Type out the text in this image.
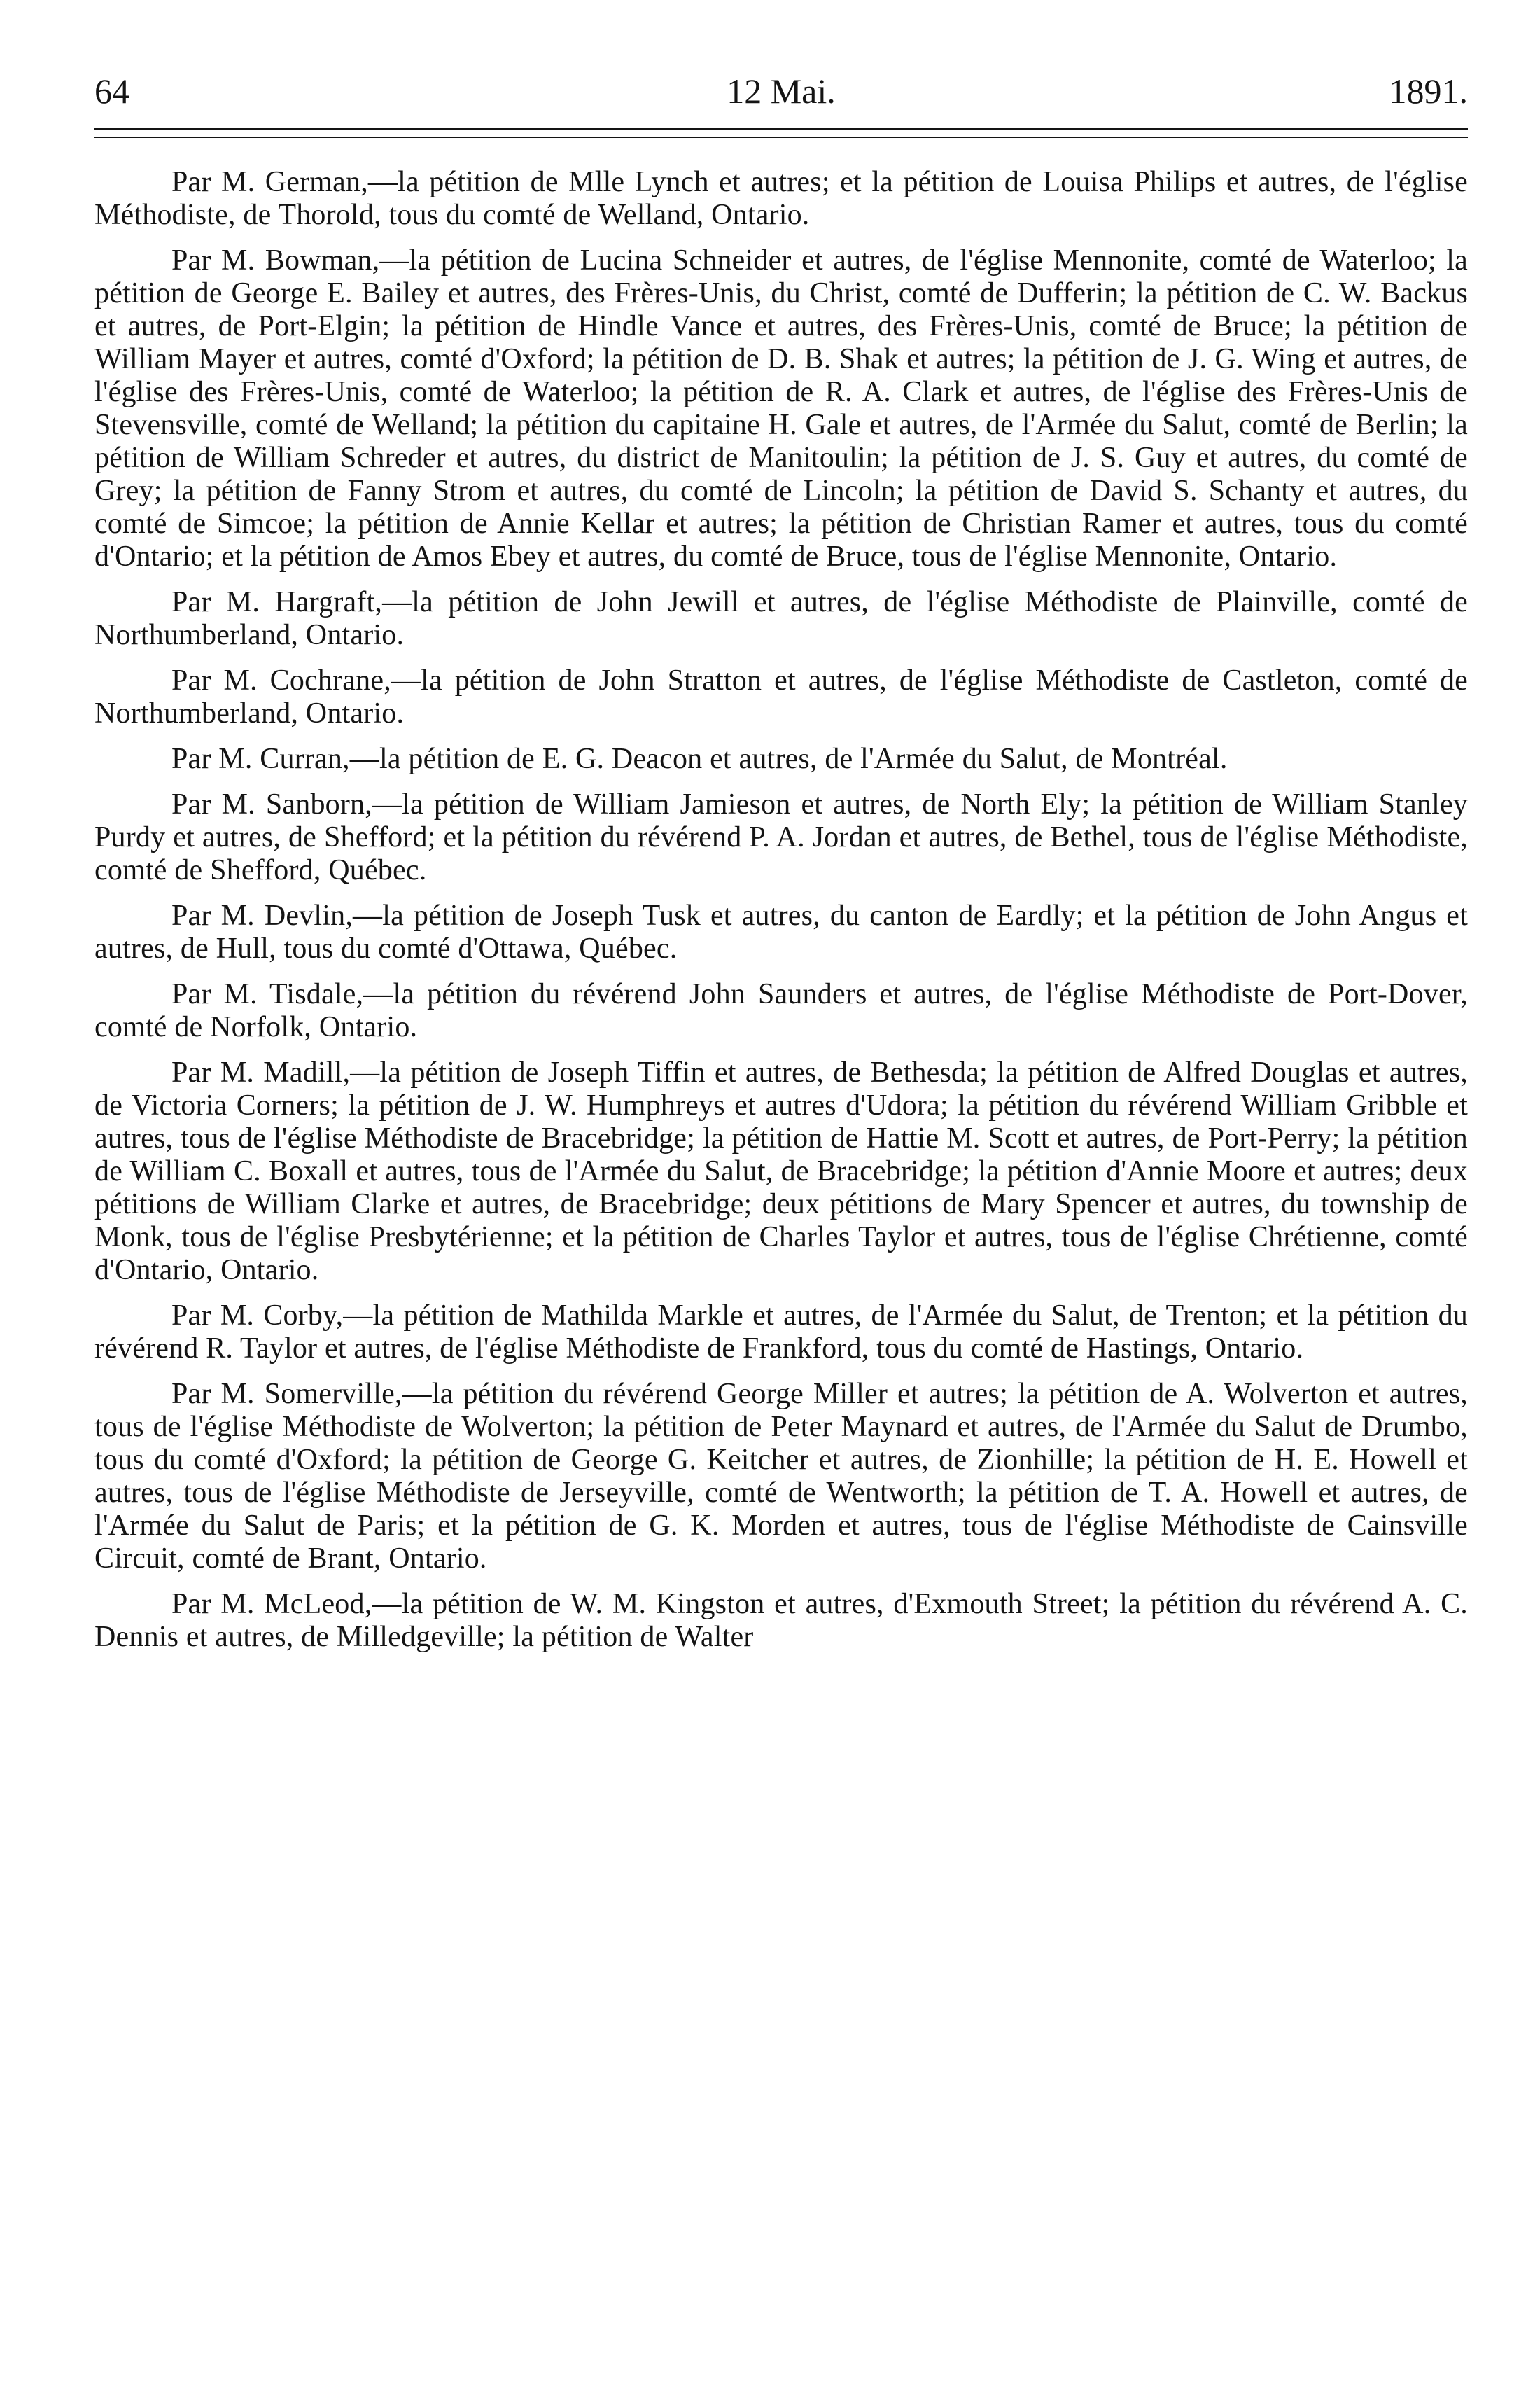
64	12 Mai.	1891.

Par M. German,—la pétition de Mlle Lynch et autres; et la pétition de Louisa Philips et autres, de l'église Méthodiste, de Thorold, tous du comté de Welland, Ontario.

Par M. Bowman,—la pétition de Lucina Schneider et autres, de l'église Mennonite, comté de Waterloo; la pétition de George E. Bailey et autres, des Frères-Unis, du Christ, comté de Dufferin; la pétition de C. W. Backus et autres, de Port-Elgin; la pétition de Hindle Vance et autres, des Frères-Unis, comté de Bruce; la pétition de William Mayer et autres, comté d'Oxford; la pétition de D. B. Shak et autres; la pétition de J. G. Wing et autres, de l'église des Frères-Unis, comté de Waterloo; la pétition de R. A. Clark et autres, de l'église des Frères-Unis de Stevensville, comté de Welland; la pétition du capitaine H. Gale et autres, de l'Armée du Salut, comté de Berlin; la pétition de William Schreder et autres, du district de Manitoulin; la pétition de J. S. Guy et autres, du comté de Grey; la pétition de Fanny Strom et autres, du comté de Lincoln; la pétition de David S. Schanty et autres, du comté de Simcoe; la pétition de Annie Kellar et autres; la pétition de Christian Ramer et autres, tous du comté d'Ontario; et la pétition de Amos Ebey et autres, du comté de Bruce, tous de l'église Mennonite, Ontario.

Par M. Hargraft,—la pétition de John Jewill et autres, de l'église Méthodiste de Plainville, comté de Northumberland, Ontario.

Par M. Cochrane,—la pétition de John Stratton et autres, de l'église Méthodiste de Castleton, comté de Northumberland, Ontario.

Par M. Curran,—la pétition de E. G. Deacon et autres, de l'Armée du Salut, de Montréal.

Par M. Sanborn,—la pétition de William Jamieson et autres, de North Ely; la pétition de William Stanley Purdy et autres, de Shefford; et la pétition du révérend P. A. Jordan et autres, de Bethel, tous de l'église Méthodiste, comté de Shefford, Québec.

Par M. Devlin,—la pétition de Joseph Tusk et autres, du canton de Eardly; et la pétition de John Angus et autres, de Hull, tous du comté d'Ottawa, Québec.

Par M. Tisdale,—la pétition du révérend John Saunders et autres, de l'église Méthodiste de Port-Dover, comté de Norfolk, Ontario.

Par M. Madill,—la pétition de Joseph Tiffin et autres, de Bethesda; la pétition de Alfred Douglas et autres, de Victoria Corners; la pétition de J. W. Humphreys et autres d'Udora; la pétition du révérend William Gribble et autres, tous de l'église Méthodiste de Bracebridge; la pétition de Hattie M. Scott et autres, de Port-Perry; la pétition de William C. Boxall et autres, tous de l'Armée du Salut, de Bracebridge; la pétition d'Annie Moore et autres; deux pétitions de William Clarke et autres, de Bracebridge; deux pétitions de Mary Spencer et autres, du township de Monk, tous de l'église Presbytérienne; et la pétition de Charles Taylor et autres, tous de l'église Chrétienne, comté d'Ontario, Ontario.

Par M. Corby,—la pétition de Mathilda Markle et autres, de l'Armée du Salut, de Trenton; et la pétition du révérend R. Taylor et autres, de l'église Méthodiste de Frankford, tous du comté de Hastings, Ontario.

Par M. Somerville,—la pétition du révérend George Miller et autres; la pétition de A. Wolverton et autres, tous de l'église Méthodiste de Wolverton; la pétition de Peter Maynard et autres, de l'Armée du Salut de Drumbo, tous du comté d'Oxford; la pétition de George G. Keitcher et autres, de Zionhille; la pétition de H. E. Howell et autres, tous de l'église Méthodiste de Jerseyville, comté de Wentworth; la pétition de T. A. Howell et autres, de l'Armée du Salut de Paris; et la pétition de G. K. Morden et autres, tous de l'église Méthodiste de Cainsville Circuit, comté de Brant, Ontario.

Par M. McLeod,—la pétition de W. M. Kingston et autres, d'Exmouth Street; la pétition du révérend A. C. Dennis et autres, de Milledgeville; la pétition de Walter
